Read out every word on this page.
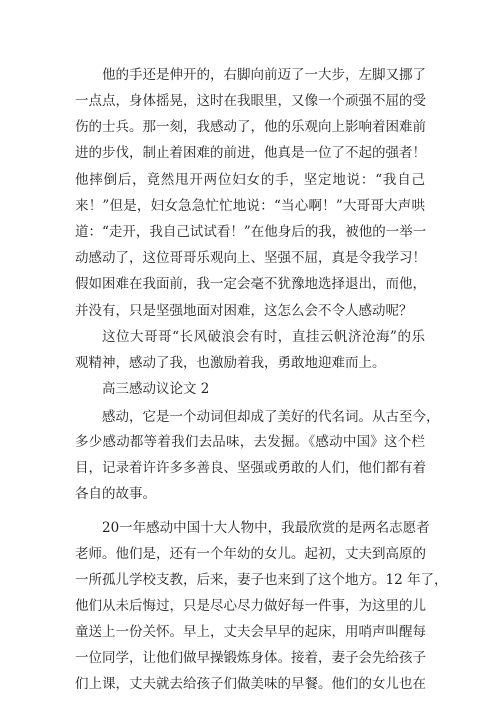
他的手还是伸开的，右脚向前迈了一大步，左脚又挪了
一点点，身体摇晃，这时在我眼里，又像一个顽强不屈的受
伤的士兵。那一刻，我感动了，他的乐观向上影响着困难前
进的步伐，制止着困难的前进，他真是一位了不起的强者！
他摔倒后，竟然甩开两位妇女的手，坚定地说：“我自己
来！”但是，妇女急急忙忙地说：“当心啊！”大哥哥大声哄
道：“走开，我自己试试看！”在他身后的我，被他的一举一
动感动了，这位哥哥乐观向上、坚强不屈，真是令我学习！
假如困难在我面前，我一定会毫不犹豫地选择退出，而他，
并没有，只是坚强地面对困难，这怎么会不令人感动呢？
这位大哥哥“长风破浪会有时，直挂云帆济沧海”的乐
观精神，感动了我，也激励着我，勇敢地迎难而上。
高三感动议论文 2
感动，它是一个动词但却成了美好的代名词。从古至今，
多少感动都等着我们去品味，去发掘。《感动中国》这个栏
目，记录着许许多多善良、坚强或勇敢的人们，他们都有着
各自的故事。
20一年感动中国十大人物中，我最欣赏的是两名志愿者
老师。他们是，还有一个年幼的女儿。起初，丈夫到高原的
一所孤儿学校支教，后来，妻子也来到了这个地方。12 年了，
他们从未后悔过，只是尽心尽力做好每一件事，为这里的儿
童送上一份关怀。早上，丈夫会早早的起床，用哨声叫醒每
一位同学，让他们做早操锻炼身体。接着，妻子会先给孩子
们上课，丈夫就去给孩子们做美味的早餐。他们的女儿也在
